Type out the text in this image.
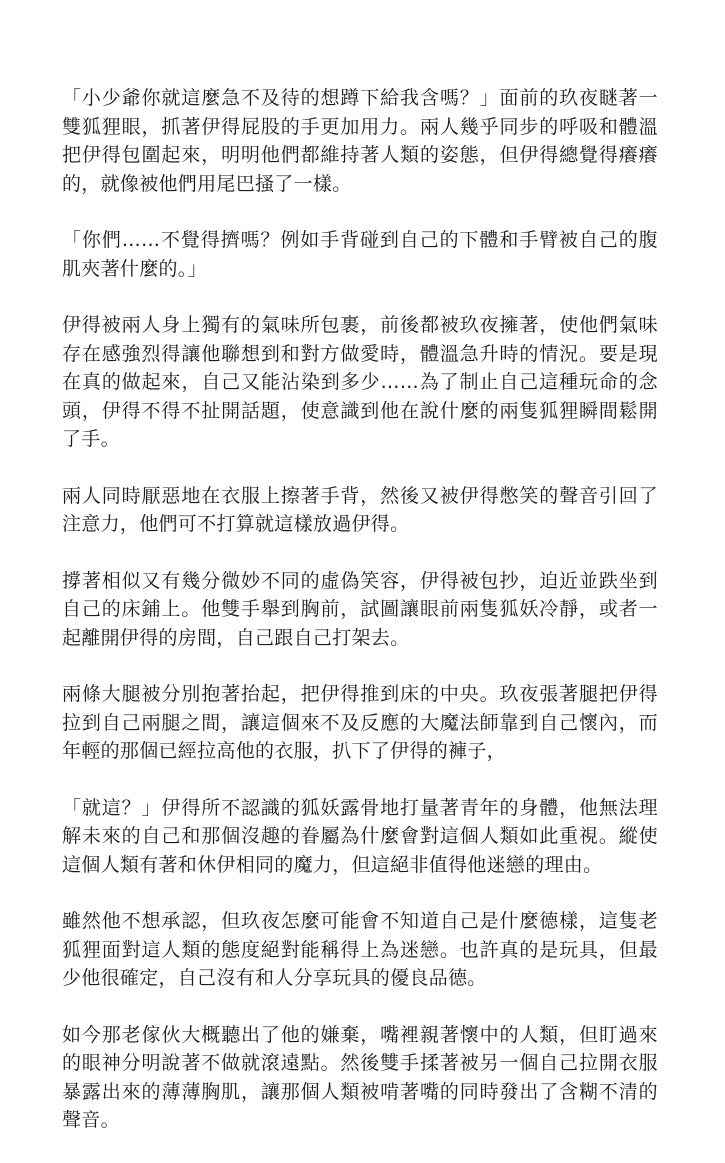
「小少爺你就這麼急不及待的想蹲下給我含嗎？」面前的玖夜瞇著一雙狐狸眼，抓著伊得屁股的手更加用力。兩人幾乎同步的呼吸和體溫把伊得包圍起來，明明他們都維持著人類的姿態，但伊得總覺得癢癢的，就像被他們用尾巴搔了一樣。

「你們……不覺得擠嗎？例如手背碰到自己的下體和手臂被自己的腹肌夾著什麼的。」

伊得被兩人身上獨有的氣味所包裹，前後都被玖夜擁著，使他們氣味存在感強烈得讓他聯想到和對方做愛時，體溫急升時的情況。要是現在真的做起來，自己又能沾染到多少……為了制止自己這種玩命的念頭，伊得不得不扯開話題，使意識到他在說什麼的兩隻狐狸瞬間鬆開了手。

兩人同時厭惡地在衣服上擦著手背，然後又被伊得憋笑的聲音引回了注意力，他們可不打算就這樣放過伊得。

撐著相似又有幾分微妙不同的虛偽笑容，伊得被包抄，迫近並跌坐到自己的床鋪上。他雙手舉到胸前，試圖讓眼前兩隻狐妖冷靜，或者一起離開伊得的房間，自己跟自己打架去。

兩條大腿被分別抱著抬起，把伊得推到床的中央。玖夜張著腿把伊得拉到自己兩腿之間，讓這個來不及反應的大魔法師靠到自己懷內，而年輕的那個已經拉高他的衣服，扒下了伊得的褲子，

「就這？」伊得所不認識的狐妖露骨地打量著青年的身體，他無法理解未來的自己和那個沒趣的眷屬為什麼會對這個人類如此重視。縱使這個人類有著和休伊相同的魔力，但這絕非值得他迷戀的理由。

雖然他不想承認，但玖夜怎麼可能會不知道自己是什麼德樣，這隻老狐狸面對這人類的態度絕對能稱得上為迷戀。也許真的是玩具，但最少他很確定，自己沒有和人分享玩具的優良品德。

如今那老傢伙大概聽出了他的嫌棄，嘴裡親著懷中的人類，但盯過來的眼神分明說著不做就滾遠點。然後雙手揉著被另一個自己拉開衣服暴露出來的薄薄胸肌，讓那個人類被啃著嘴的同時發出了含糊不清的聲音。
